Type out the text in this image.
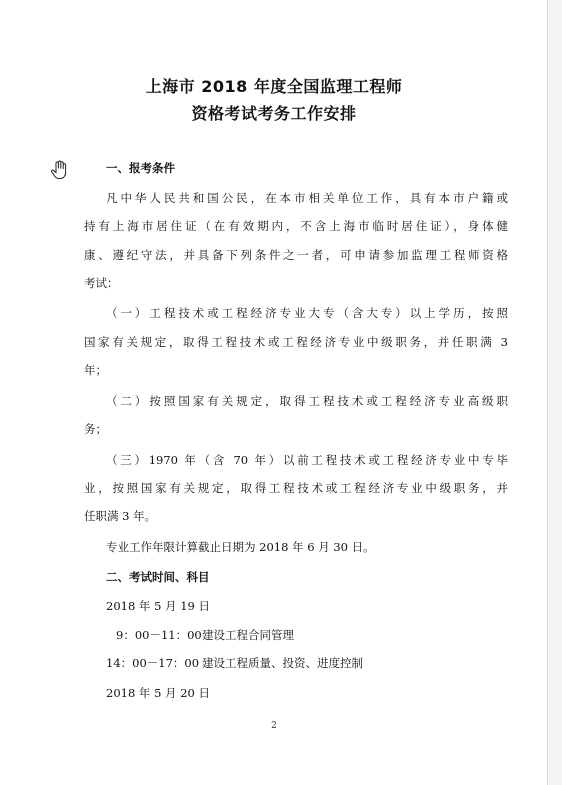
上海市 2018 年度全国监理工程师
资格考试考务工作安排
一、报考条件
凡中华人民共和国公民，在本市相关单位工作，具有本市户籍或
持有上海市居住证（在有效期内，不含上海市临时居住证），身体健
康、遵纪守法，并具备下列条件之一者，可申请参加监理工程师资格
考试：
（一）工程技术或工程经济专业大专（含大专）以上学历，按照
国家有关规定，取得工程技术或工程经济专业中级职务，并任职满 3
年；
（二）按照国家有关规定，取得工程技术或工程经济专业高级职
务；
（三）1970 年（含 70 年）以前工程技术或工程经济专业中专毕
业，按照国家有关规定，取得工程技术或工程经济专业中级职务，并
任职满 3 年。
专业工作年限计算截止日期为 2018 年 6 月 30 日。
二、考试时间、科目
2018 年 5 月 19 日
9：00－11：00 建设工程合同管理
14：00－17：00 建设工程质量、投资、进度控制
2018 年 5 月 20 日
2
